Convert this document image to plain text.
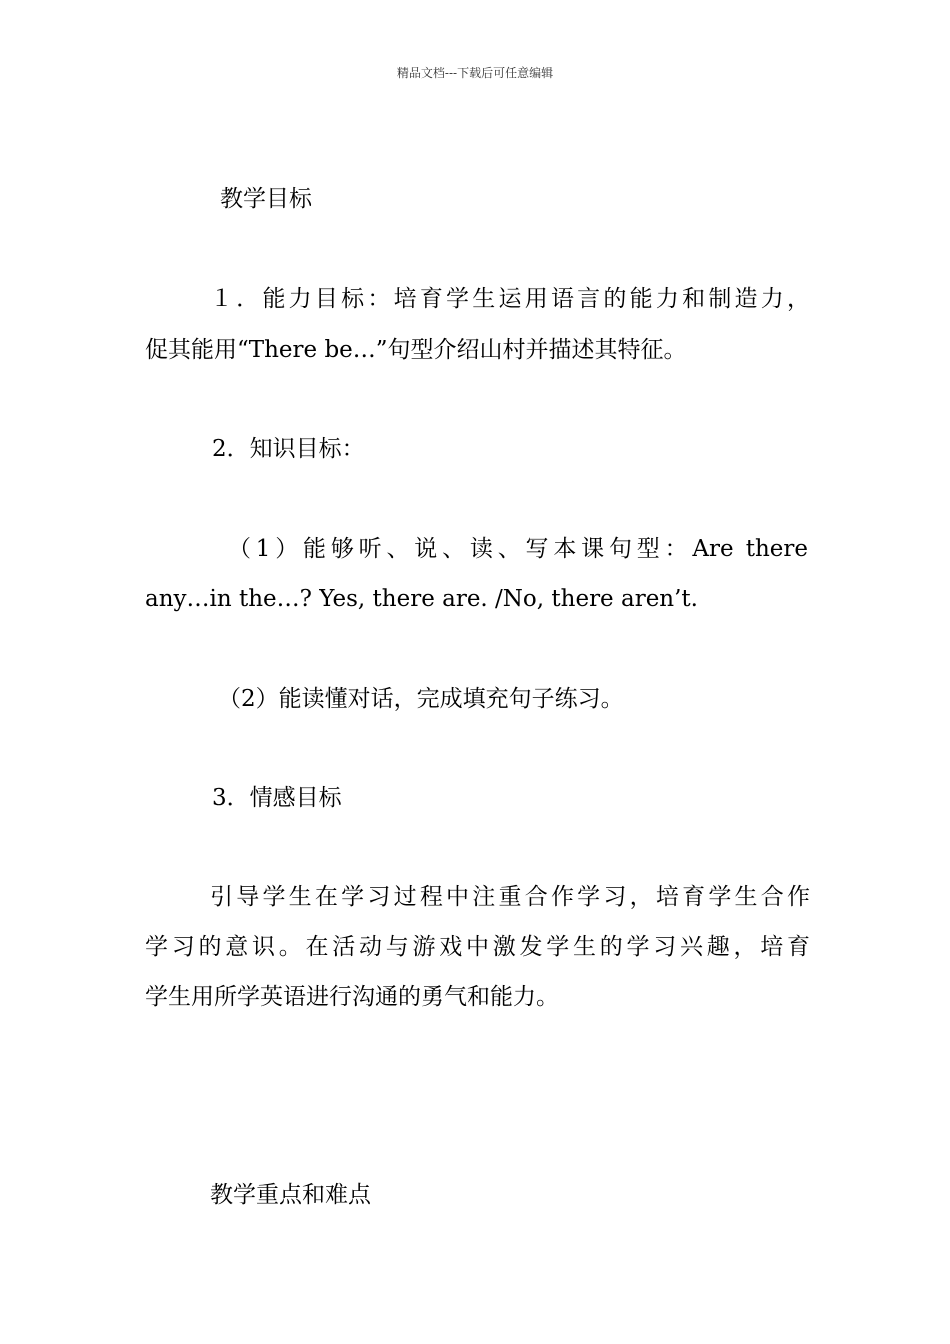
精品文档---下载后可任意编辑
教学目标
１．能力目标：培育学生运用语言的能力和制造力，
促其能用“There be…”句型介绍山村并描述其特征。
2．知识目标：
（1）能够听、说、读、写本课句型：Are there
any…in the…? Yes, there are. /No, there aren’t.
（2）能读懂对话，完成填充句子练习。
3．情感目标
引导学生在学习过程中注重合作学习，培育学生合作
学习的意识。在活动与游戏中激发学生的学习兴趣，培育
学生用所学英语进行沟通的勇气和能力。
教学重点和难点
